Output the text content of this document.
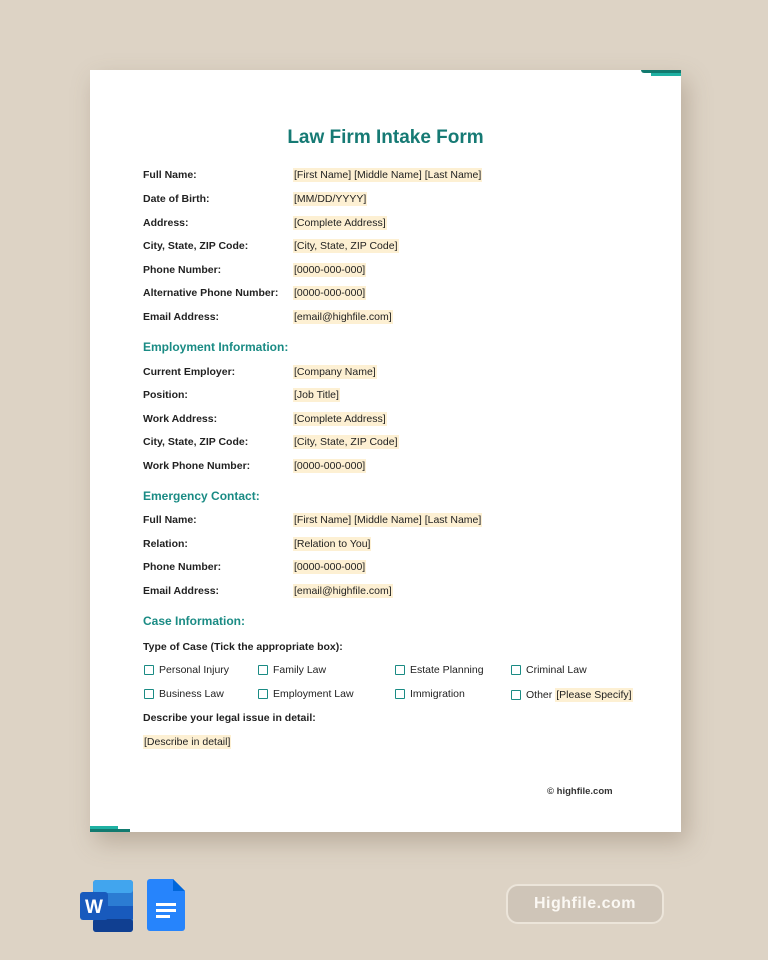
Law Firm Intake Form
Full Name:	[First Name] [Middle Name] [Last Name]
Date of Birth:	[MM/DD/YYYY]
Address:	[Complete Address]
City, State, ZIP Code:	[City, State, ZIP Code]
Phone Number:	[0000-000-000]
Alternative Phone Number: [0000-000-000]
Email Address:	[email@highfile.com]
Employment Information:
Current Employer:	[Company Name]
Position:	[Job Title]
Work Address:	[Complete Address]
City, State, ZIP Code:	[City, State, ZIP Code]
Work Phone Number:	[0000-000-000]
Emergency Contact:
Full Name:	[First Name] [Middle Name] [Last Name]
Relation:	[Relation to You]
Phone Number:	[0000-000-000]
Email Address:	[email@highfile.com]
Case Information:
Type of Case (Tick the appropriate box):
Personal Injury	Family Law	Estate Planning	Criminal Law
Business Law	Employment Law	Immigration	Other [Please Specify]
Describe your legal issue in detail:
[Describe in detail]
© highfile.com
W	Highfile.com
